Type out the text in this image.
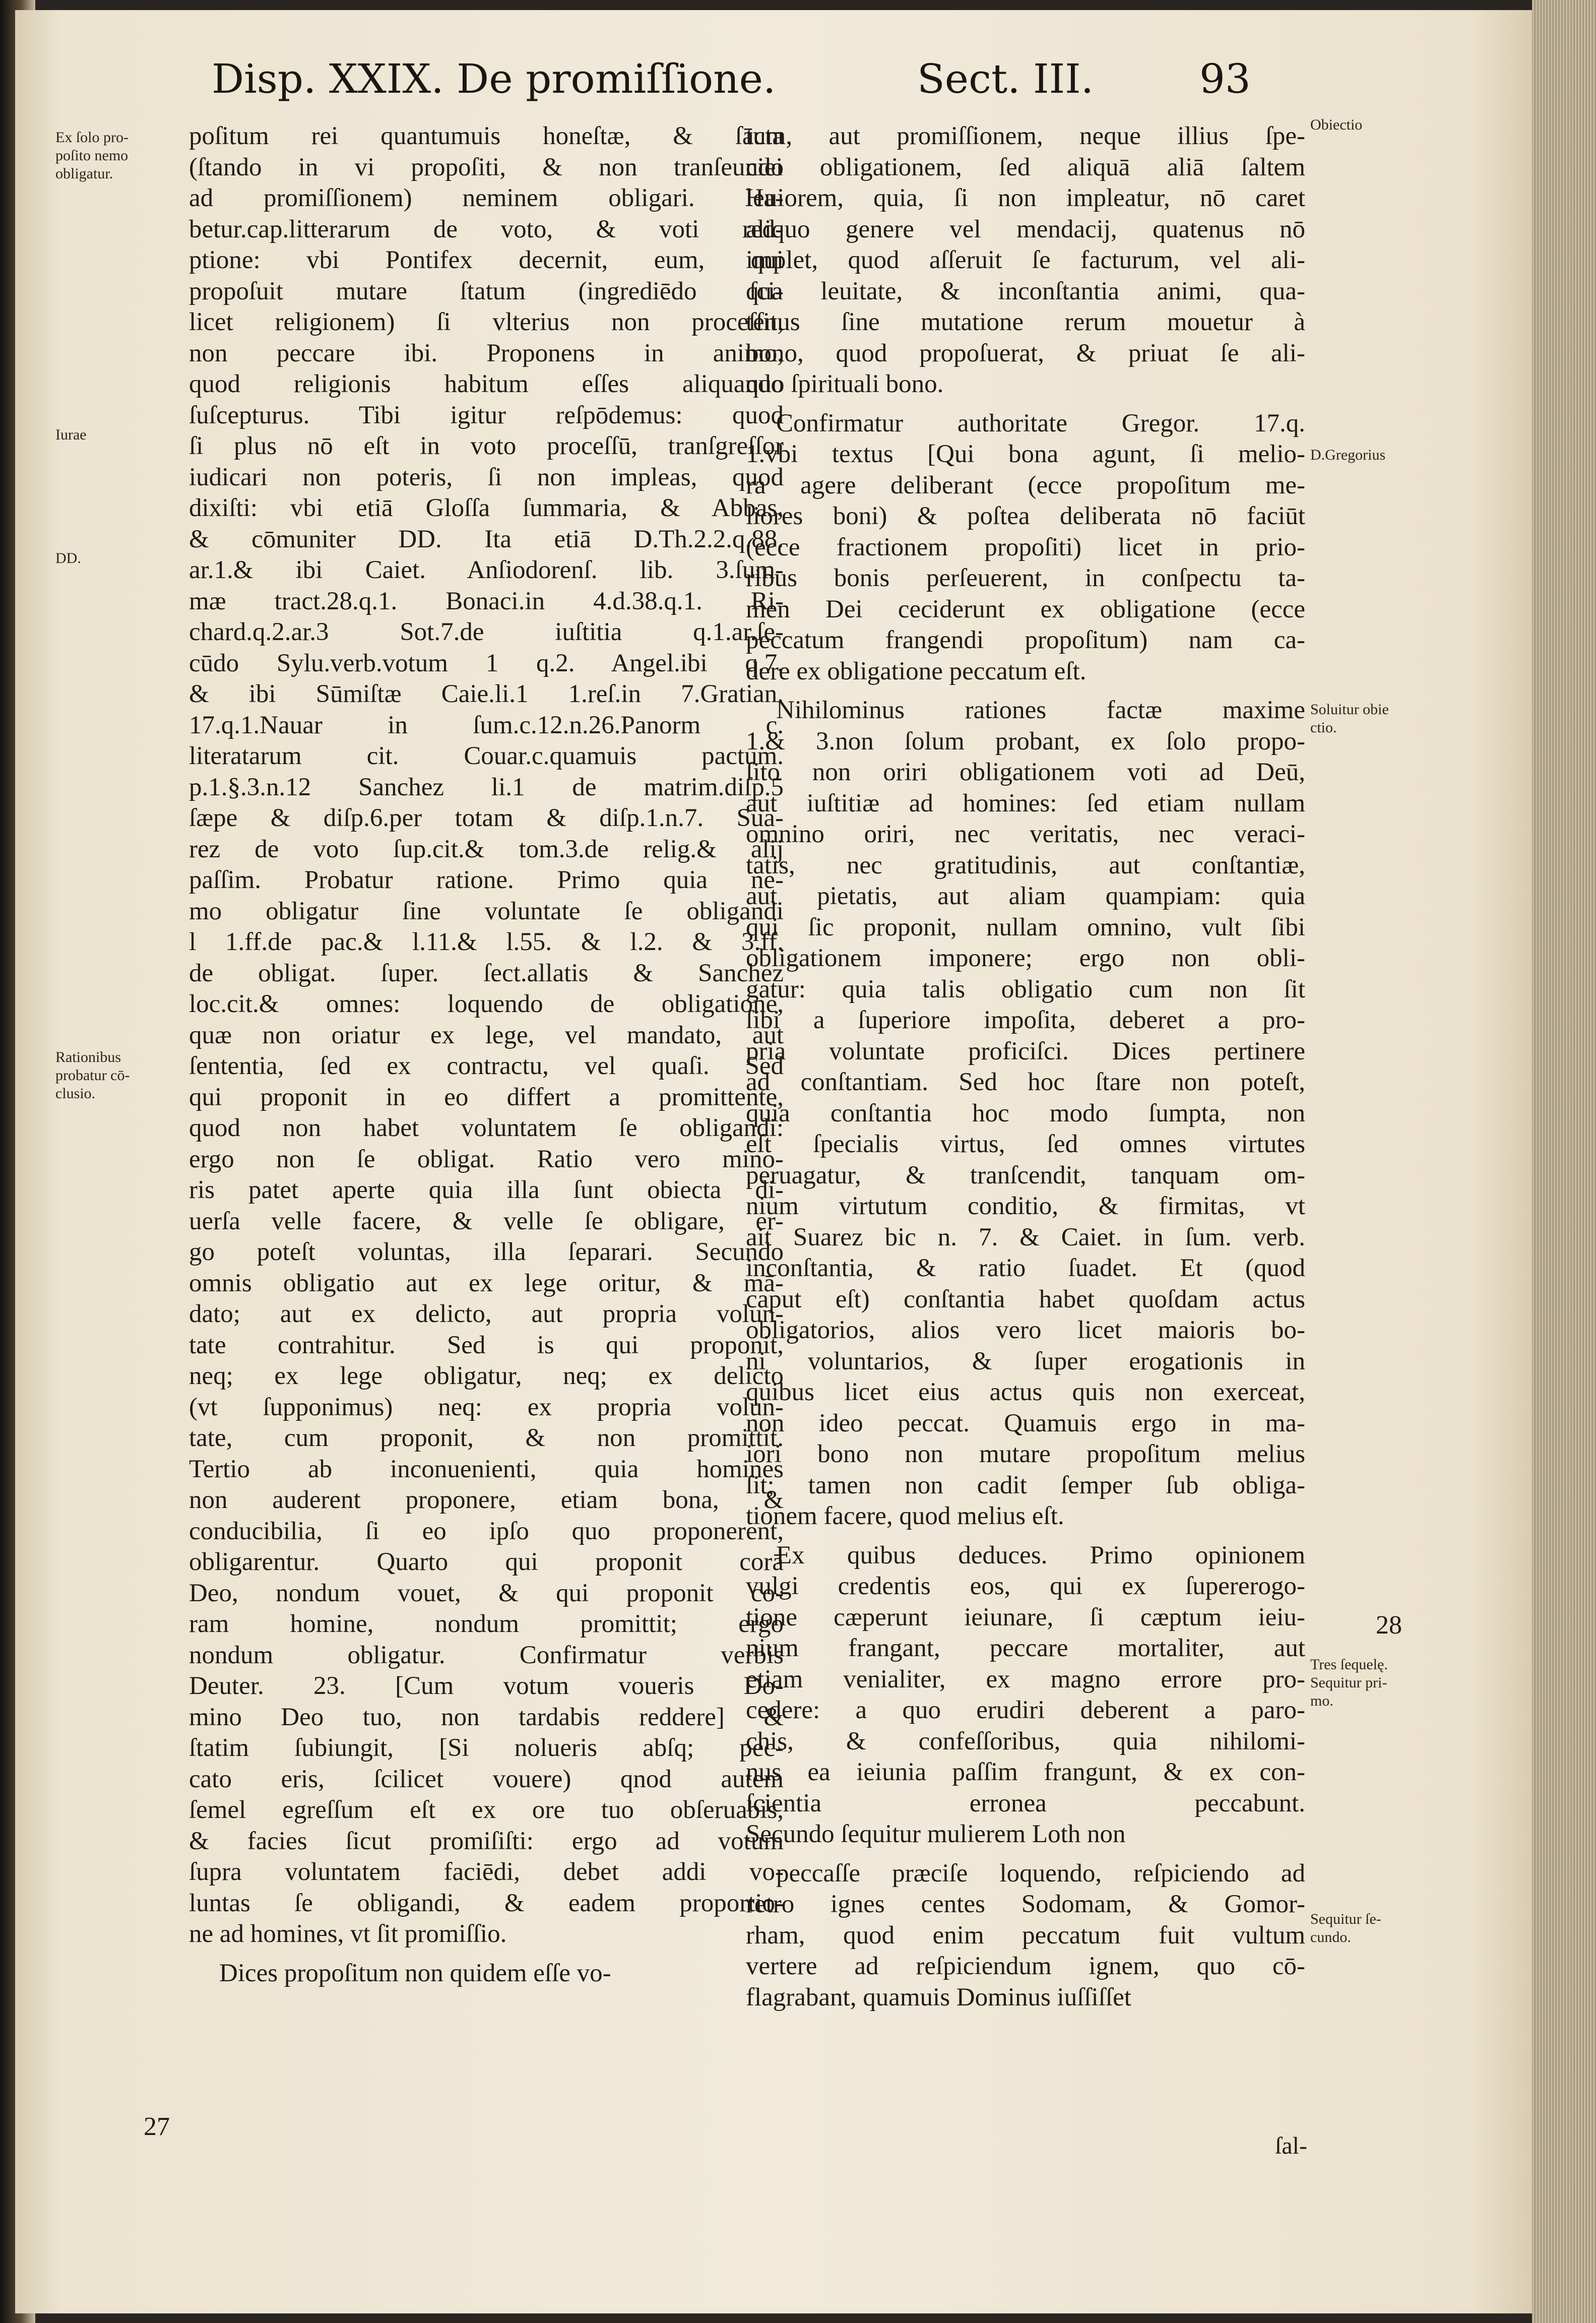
Disp. XXIX. De promiſſione.	Sect. III.	93
Ex ſolo pro-
poſito nemo
obligatur.
Iurae
DD.
Rationibus
probatur cō-
clusio.
Obiectio
D.Gregorius
Soluitur obie
ctio.
Tres ſequelę.
Sequitur pri-
mo.
Sequitur ſe-
cundo.
27
28

poſitum rei quantumuis honeſtæ, & ſācta

(ſtando in vi propoſiti, & non tranſeundo

ad promiſſionem) neminem obligari. Ha-

betur.cap.litterarum de voto, & voti red-

ptione: vbi Pontifex decernit, eum, qui

propoſuit mutare ſtatum (ingrediēdo ſci-

licet religionem) ſi vlterius non proceſſit,

non peccare ibi. Proponens in animo,

quod religionis habitum eſſes aliquando

ſuſcepturus. Tibi igitur reſpōdemus: quod

ſi plus nō eſt in voto proceſſū, tranſgreſſor

iudicari non poteris, ſi non impleas, quod

dixiſti: vbi etiā Gloſſa ſummaria, & Abbas,

& cōmuniter DD. Ita etiā D.Th.2.2.q.88.

ar.1.& ibi Caiet. Anſiodorenſ. lib. 3.ſum-

mæ tract.28.q.1. Bonaci.in 4.d.38.q.1. Ri-

chard.q.2.ar.3 Sot.7.de iuſtitia q.1.ar.ſe-

cūdo Sylu.verb.votum 1 q.2. Angel.ibi q.7.

& ibi Sūmiſtæ Caie.li.1 1.reſ.in 7.Gratian.

17.q.1.Nauar in ſum.c.12.n.26.Panorm c.

literatarum cit. Couar.c.quamuis pactum.

p.1.§.3.n.12 Sanchez li.1 de matrim.diſp.5

ſæpe & diſp.6.per totam & diſp.1.n.7. Sua-

rez de voto ſup.cit.& tom.3.de relig.& alij

paſſim. Probatur ratione. Primo quia ne-

mo obligatur ſine voluntate ſe obligandi

l 1.ff.de pac.& l.11.& l.55. & l.2. & 3.ff.

de obligat. ſuper. ſect.allatis & Sanchez

loc.cit.& omnes: loquendo de obligatione,

quæ non oriatur ex lege, vel mandato, aut

ſententia, ſed ex contractu, vel quaſi. Sed

qui proponit in eo differt a promittente,

quod non habet voluntatem ſe obligandi:

ergo non ſe obligat. Ratio vero mino-

ris patet aperte quia illa ſunt obiecta di-

uerſa velle facere, & velle ſe obligare, er-

go poteſt voluntas, illa ſeparari. Secundo

omnis obligatio aut ex lege oritur, & mā-

dato; aut ex delicto, aut propria volun-

tate contrahitur. Sed is qui proponit,

neq; ex lege obligatur, neq; ex delicto

(vt ſupponimus) neq: ex propria volun-

tate, cum proponit, & non promittit.

Tertio ab inconuenienti, quia homines

non auderent proponere, etiam bona, &

conducibilia, ſi eo ipſo quo proponerent,

obligarentur. Quarto qui proponit corā

Deo, nondum vouet, & qui proponit co-

ram homine, nondum promittit; ergo

nondum obligatur. Confirmatur verbis

Deuter. 23. [Cum votum voueris Do-

mino Deo tuo, non tardabis reddere] &

ſtatim ſubiungit, [Si nolueris abſq; pec-

cato eris, ſcilicet vouere) qnod autem

ſemel egreſſum eſt ex ore tuo obſeruabis,

& facies ſicut promiſiſti: ergo ad votum

ſupra voluntatem faciēdi, debet addi vo-

luntas ſe obligandi, & eadem proportio-

ne ad homines, vt ſit promiſſio.

Dices propoſitum non quidem eſſe vo-

tum, aut promiſſionem, neque illius ſpe-

ciei obligationem, ſed aliquā aliā ſaltem

leuiorem, quia, ſi non impleatur, nō caret

aliquo genere vel mendacij, quatenus nō

implet, quod aſſeruit ſe facturum, vel ali-

qua leuitate, & inconſtantia animi, qua-

tenus ſine mutatione rerum mouetur à

bono, quod propoſuerat, & priuat ſe ali-

quo ſpirituali bono.

Confirmatur authoritate Gregor. 17.q.

1.vbi textus [Qui bona agunt, ſi melio-

ra agere deliberant (ecce propoſitum me-

liores boni) & poſtea deliberata nō faciūt

(ecce fractionem propoſiti) licet in prio-

ribus bonis perſeuerent, in conſpectu ta-

men Dei ceciderunt ex obligatione (ecce

peccatum frangendi propoſitum) nam ca-

dere ex obligatione peccatum eſt.

Nihilominus rationes factæ maxime

1.& 3.non ſolum probant, ex ſolo propo-

ſito non oriri obligationem voti ad Deū,

aut iuſtitiæ ad homines: ſed etiam nullam

omnino oriri, nec veritatis, nec veraci-

tatis, nec gratitudinis, aut conſtantiæ,

aut pietatis, aut aliam quampiam: quia

qui ſic proponit, nullam omnino, vult ſibi

obligationem imponere; ergo non obli-

gatur: quia talis obligatio cum non ſit

ſibi a ſuperiore impoſita, deberet a pro-

pria voluntate proficiſci. Dices pertinere

ad conſtantiam. Sed hoc ſtare non poteſt,

quia conſtantia hoc modo ſumpta, non

eſt ſpecialis virtus, ſed omnes virtutes

peruagatur, & tranſcendit, tanquam om-

nium virtutum conditio, & firmitas, vt

ait Suarez bic n. 7. & Caiet. in ſum. verb.

inconſtantia, & ratio ſuadet. Et (quod

caput eſt) conſtantia habet quoſdam actus

obligatorios, alios vero licet maioris bo-

ni voluntarios, & ſuper erogationis in

quibus licet eius actus quis non exerceat,

non ideo peccat. Quamuis ergo in ma-

iori bono non mutare propoſitum melius

ſit; tamen non cadit ſemper ſub obliga-

tionem facere, quod melius eſt.

Ex quibus deduces. Primo opinionem

vulgi credentis eos, qui ex ſupererogo-

tione cæperunt ieiunare, ſi cæptum ieiu-

nium frangant, peccare mortaliter, aut

etiam venialiter, ex magno errore pro-

cedere: a quo erudiri deberent a paro-

chis, & confeſſoribus, quia nihilomi-

nus ea ieiunia paſſim frangunt, & ex con-

ſcientia erronea peccabunt.

Secundo ſequitur mulierem Loth non

peccaſſe præciſe loquendo, reſpiciendo ad

retro ignes centes Sodomam, & Gomor-

rham, quod enim peccatum fuit vultum

vertere ad reſpiciendum ignem, quo cō-

flagrabant, quamuis Dominus iuſſiſſet

ſal-
